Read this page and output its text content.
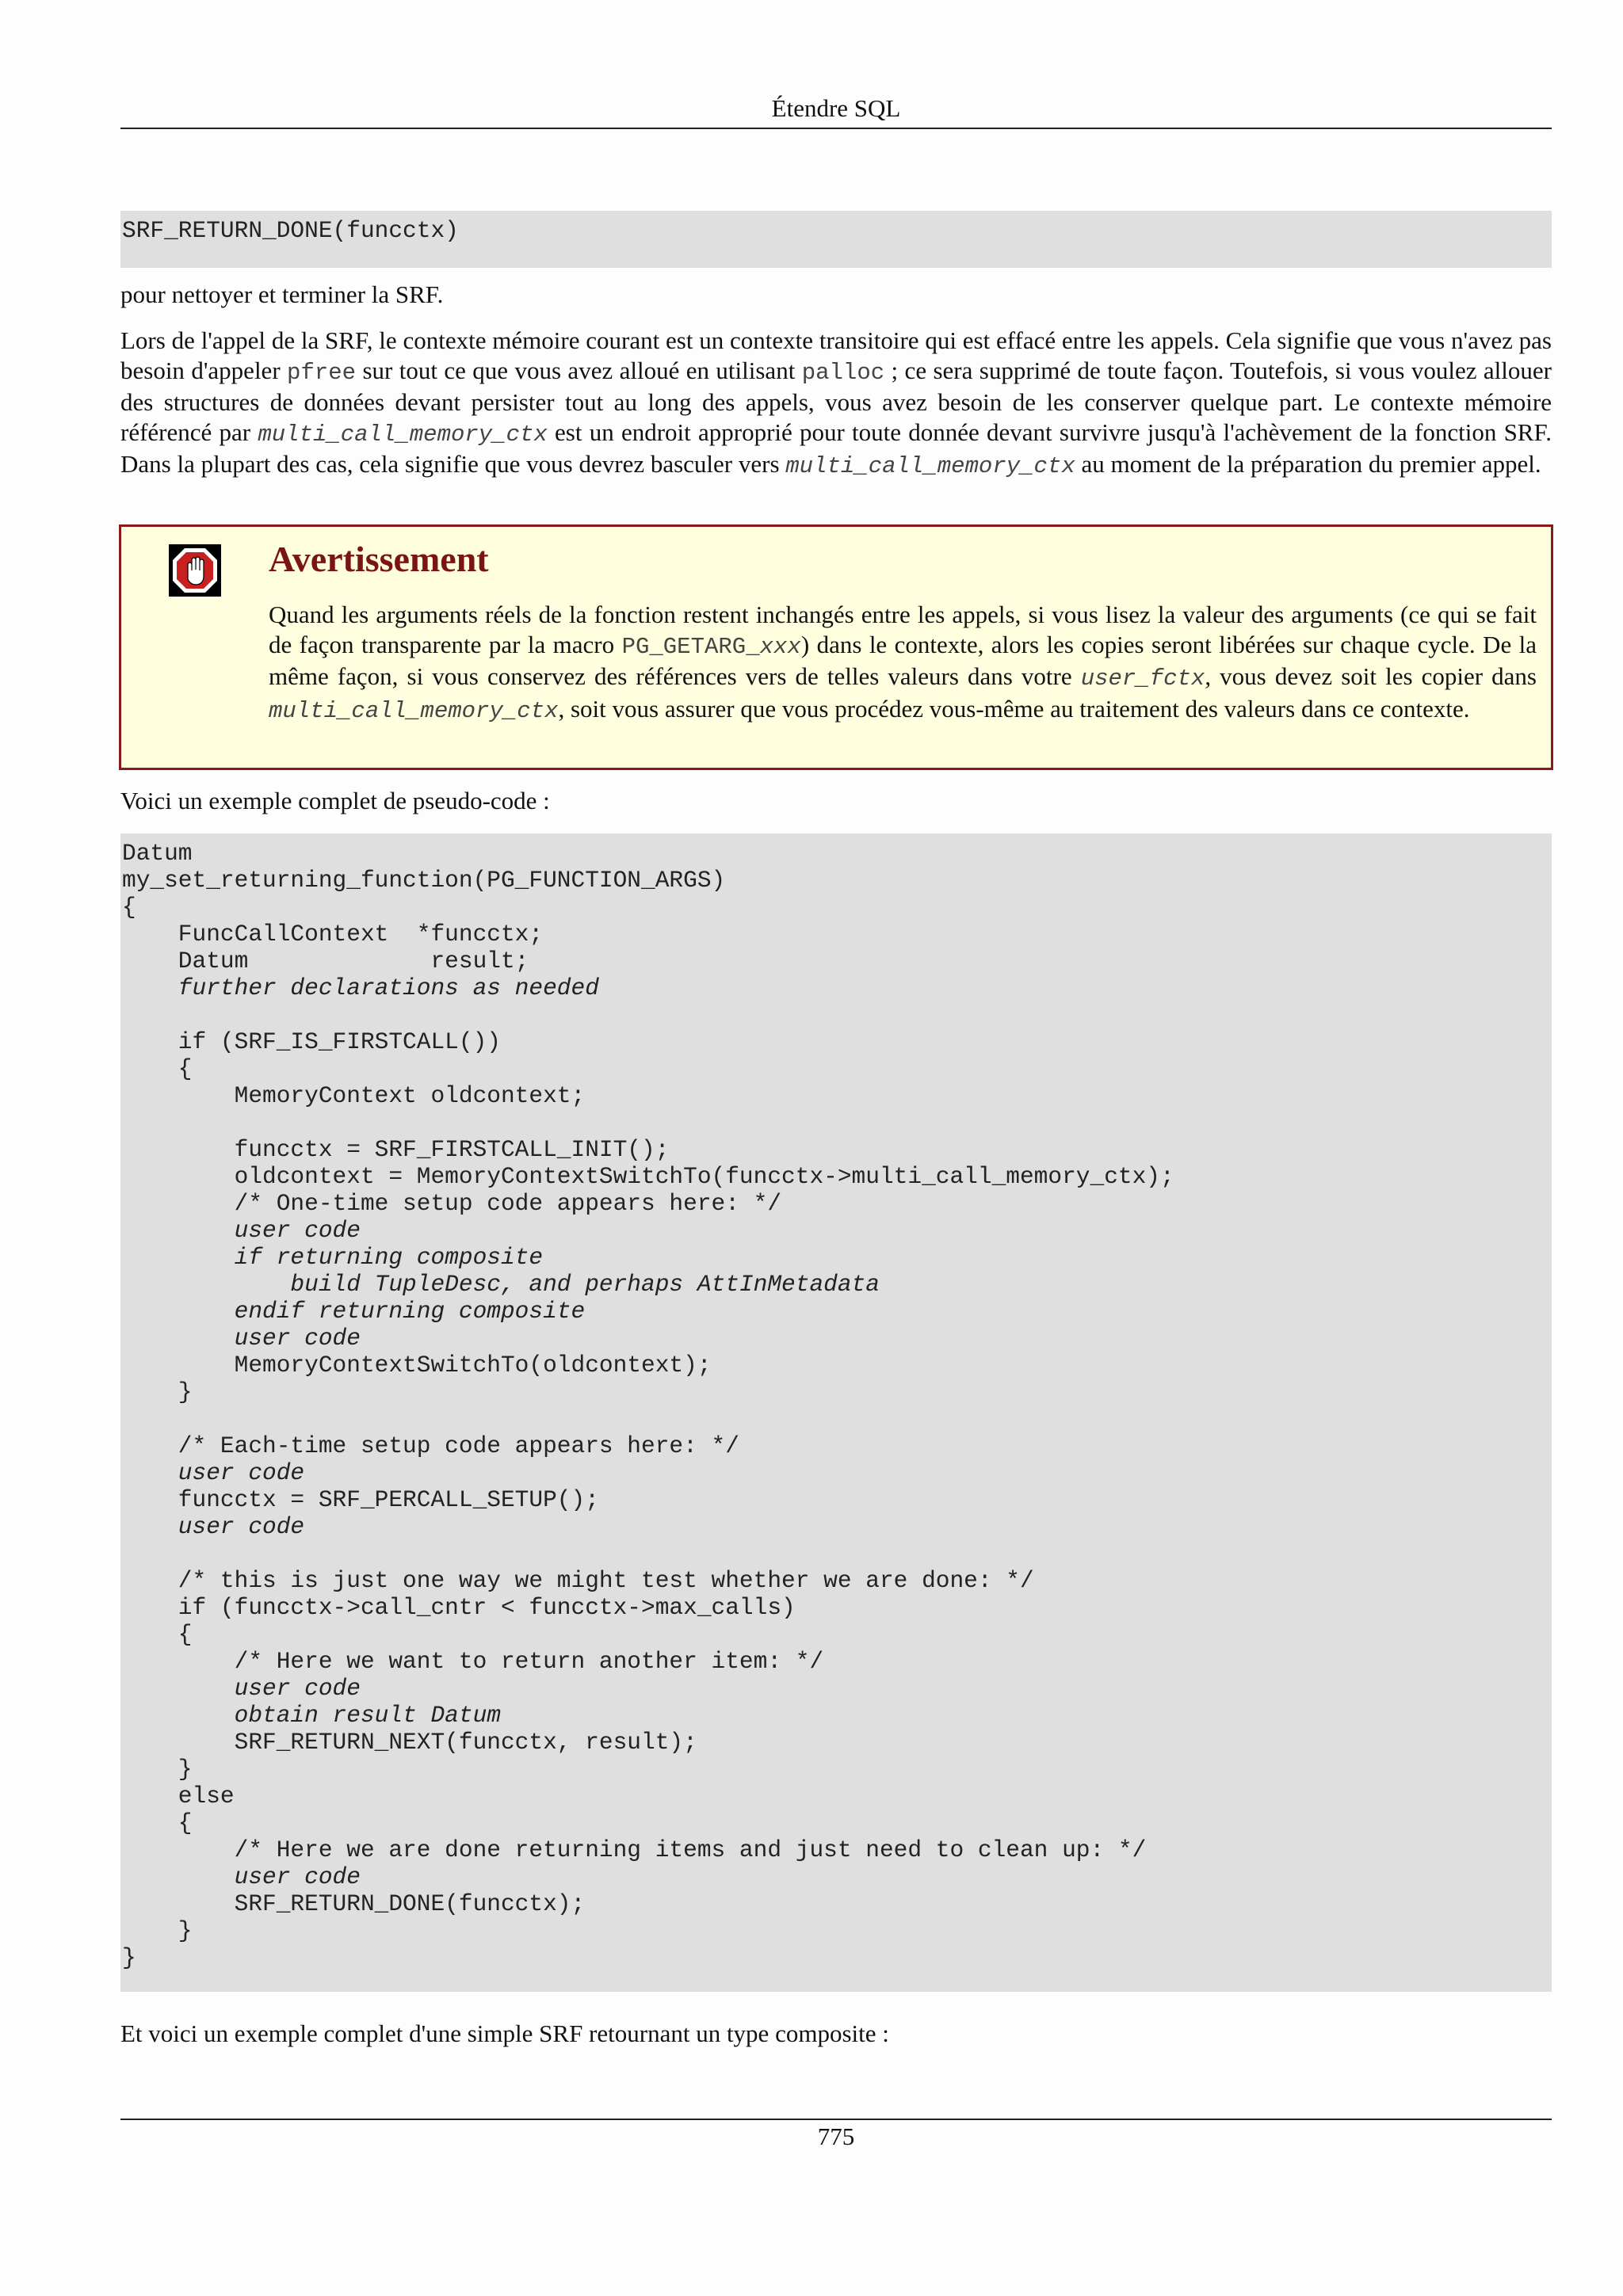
Étendre SQL
SRF_RETURN_DONE(funcctx)

pour nettoyer et terminer la SRF.

Lors de l'appel de la SRF, le contexte mémoire courant est un contexte transitoire qui est effacé entre les appels. Cela signifie que vous n'avez pas besoin d'appeler pfree sur tout ce que vous avez alloué en utilisant palloc ; ce sera supprimé de toute façon. Toutefois, si vous voulez allouer des structures de données devant persister tout au long des appels, vous avez besoin de les conserver quelque part. Le contexte mémoire référencé par multi_call_memory_ctx est un endroit approprié pour toute donnée devant survivre jusqu'à l'achèvement de la fonction SRF. Dans la plupart des cas, cela signifie que vous devrez basculer vers multi_call_memory_ctx au moment de la préparation du premier appel.

Avertissement

Quand les arguments réels de la fonction restent inchangés entre les appels, si vous lisez la valeur des arguments (ce qui se fait de façon transparente par la macro PG_GETARG_xxx) dans le contexte, alors les copies seront libérées sur chaque cycle. De la même façon, si vous conservez des références vers de telles valeurs dans votre user_fctx, vous devez soit les copier dans multi_call_memory_ctx, soit vous assurer que vous procédez vous-même au traitement des valeurs dans ce contexte.

Voici un exemple complet de pseudo-code :

Datum
my_set_returning_function(PG_FUNCTION_ARGS)
{
FuncCallContext  *funcctx;
Datum             result;
further declarations as needed

if (SRF_IS_FIRSTCALL())
{
MemoryContext oldcontext;

funcctx = SRF_FIRSTCALL_INIT();
oldcontext = MemoryContextSwitchTo(funcctx->multi_call_memory_ctx);
/* One-time setup code appears here: */
user code
if returning composite
build TupleDesc, and perhaps AttInMetadata
endif returning composite
user code
MemoryContextSwitchTo(oldcontext);
}

/* Each-time setup code appears here: */
user code
funcctx = SRF_PERCALL_SETUP();
user code

/* this is just one way we might test whether we are done: */
if (funcctx->call_cntr < funcctx->max_calls)
{
/* Here we want to return another item: */
user code
obtain result Datum
SRF_RETURN_NEXT(funcctx, result);
}
else
{
/* Here we are done returning items and just need to clean up: */
user code
SRF_RETURN_DONE(funcctx);
}
}

Et voici un exemple complet d'une simple SRF retournant un type composite :

775
